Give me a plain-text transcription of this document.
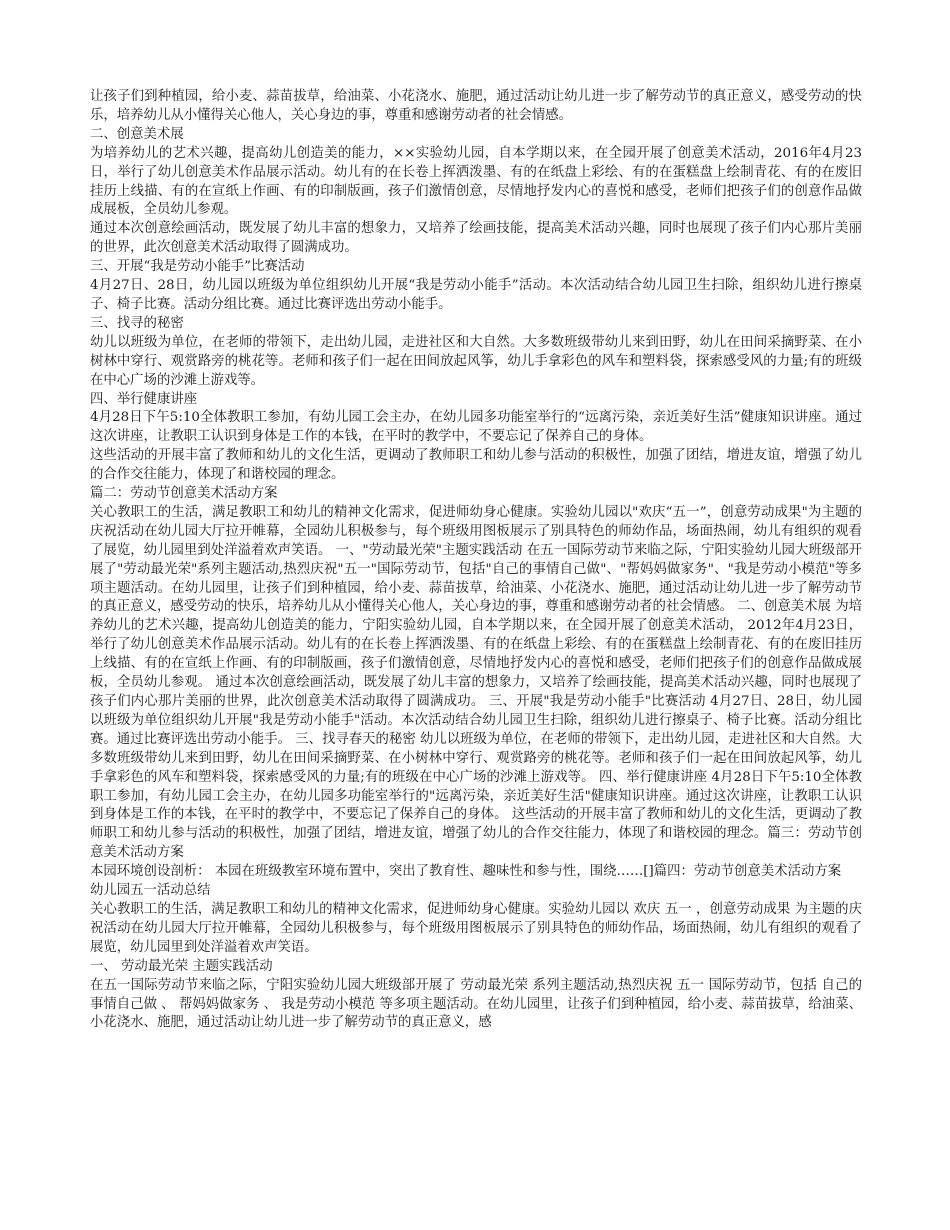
让孩子们到种植园，给小麦、蒜苗拔草，给油菜、小花浇水、施肥，通过活动让幼儿进一步了解劳动节的真正意义，感受劳动的快乐，培养幼儿从小懂得关心他人，关心身边的事，尊重和感谢劳动者的社会情感。

二、创意美术展

为培养幼儿的艺术兴趣，提高幼儿创造美的能力，××实验幼儿园，自本学期以来，在全园开展了创意美术活动，2016年4月23日，举行了幼儿创意美术作品展示活动。幼儿有的在长卷上挥洒泼墨、有的在纸盘上彩绘、有的在蛋糕盘上绘制青花、有的在废旧挂历上线描、有的在宣纸上作画、有的印制版画，孩子们激情创意，尽情地抒发内心的喜悦和感受，老师们把孩子们的创意作品做成展板，全员幼儿参观。

通过本次创意绘画活动，既发展了幼儿丰富的想象力，又培养了绘画技能，提高美术活动兴趣，同时也展现了孩子们内心那片美丽的世界，此次创意美术活动取得了圆满成功。

三、开展“我是劳动小能手”比赛活动

4月27日、28日，幼儿园以班级为单位组织幼儿开展“我是劳动小能手”活动。本次活动结合幼儿园卫生扫除，组织幼儿进行擦桌子、椅子比赛。活动分组比赛。通过比赛评选出劳动小能手。

三、找寻的秘密

幼儿以班级为单位，在老师的带领下，走出幼儿园，走进社区和大自然。大多数班级带幼儿来到田野，幼儿在田间采摘野菜、在小树林中穿行、观赏路旁的桃花等。老师和孩子们一起在田间放起风筝，幼儿手拿彩色的风车和塑料袋，探索感受风的力量;有的班级在中心广场的沙滩上游戏等。

四、举行健康讲座

4月28日下午5:10全体教职工参加，有幼儿园工会主办，在幼儿园多功能室举行的“远离污染，亲近美好生活”健康知识讲座。通过这次讲座，让教职工认识到身体是工作的本钱，在平时的教学中，不要忘记了保养自己的身体。

这些活动的开展丰富了教师和幼儿的文化生活，更调动了教师职工和幼儿参与活动的积极性，加强了团结，增进友谊，增强了幼儿的合作交往能力，体现了和谐校园的理念。

篇二：劳动节创意美术活动方案

关心教职工的生活，满足教职工和幼儿的精神文化需求，促进师幼身心健康。实验幼儿园以"欢庆“五一”，创意劳动成果"为主题的庆祝活动在幼儿园大厅拉开帷幕，全园幼儿积极参与，每个班级用图板展示了别具特色的师幼作品，场面热闹，幼儿有组织的观看了展览，幼儿园里到处洋溢着欢声笑语。 一、"劳动最光荣"主题实践活动 在五一国际劳动节来临之际，宁阳实验幼儿园大班级部开展了"劳动最光荣"系列主题活动,热烈庆祝"五一"国际劳动节，包括"自己的事情自己做"、"帮妈妈做家务"、"我是劳动小模范"等多项主题活动。在幼儿园里，让孩子们到种植园，给小麦、蒜苗拔草，给油菜、小花浇水、施肥，通过活动让幼儿进一步了解劳动节的真正意义，感受劳动的快乐，培养幼儿从小懂得关心他人，关心身边的事，尊重和感谢劳动者的社会情感。 二、创意美术展 为培养幼儿的艺术兴趣，提高幼儿创造美的能力，宁阳实验幼儿园，自本学期以来，在全园开展了创意美术活动， 2012年4月23日，举行了幼儿创意美术作品展示活动。幼儿有的在长卷上挥洒泼墨、有的在纸盘上彩绘、有的在蛋糕盘上绘制青花、有的在废旧挂历上线描、有的在宣纸上作画、有的印制版画，孩子们激情创意，尽情地抒发内心的喜悦和感受，老师们把孩子们的创意作品做成展板，全员幼儿参观。 通过本次创意绘画活动，既发展了幼儿丰富的想象力，又培养了绘画技能，提高美术活动兴趣，同时也展现了孩子们内心那片美丽的世界，此次创意美术活动取得了圆满成功。 三、开展"我是劳动小能手"比赛活动 4月27日、28日，幼儿园以班级为单位组织幼儿开展"我是劳动小能手"活动。本次活动结合幼儿园卫生扫除，组织幼儿进行擦桌子、椅子比赛。活动分组比赛。通过比赛评选出劳动小能手。 三、找寻春天的秘密 幼儿以班级为单位，在老师的带领下，走出幼儿园，走进社区和大自然。大多数班级带幼儿来到田野，幼儿在田间采摘野菜、在小树林中穿行、观赏路旁的桃花等。老师和孩子们一起在田间放起风筝，幼儿手拿彩色的风车和塑料袋，探索感受风的力量;有的班级在中心广场的沙滩上游戏等。 四、举行健康讲座 4月28日下午5:10全体教职工参加，有幼儿园工会主办，在幼儿园多功能室举行的"远离污染，亲近美好生活"健康知识讲座。通过这次讲座，让教职工认识到身体是工作的本钱，在平时的教学中，不要忘记了保养自己的身体。 这些活动的开展丰富了教师和幼儿的文化生活，更调动了教师职工和幼儿参与活动的积极性，加强了团结，增进友谊，增强了幼儿的合作交往能力，体现了和谐校园的理念。篇三：劳动节创意美术活动方案

本园环境创设剖析： 本园在班级教室环境布置中，突出了教育性、趣味性和参与性，围绕……[]篇四：劳动节创意美术活动方案

幼儿园五一活动总结

关心教职工的生活，满足教职工和幼儿的精神文化需求，促进师幼身心健康。实验幼儿园以 欢庆 五一 ，创意劳动成果 为主题的庆祝活动在幼儿园大厅拉开帷幕，全园幼儿积极参与，每个班级用图板展示了别具特色的师幼作品，场面热闹，幼儿有组织的观看了展览，幼儿园里到处洋溢着欢声笑语。

一、 劳动最光荣 主题实践活动

在五一国际劳动节来临之际，宁阳实验幼儿园大班级部开展了 劳动最光荣 系列主题活动,热烈庆祝 五一 国际劳动节，包括 自己的事情自己做 、 帮妈妈做家务 、 我是劳动小模范 等多项主题活动。在幼儿园里，让孩子们到种植园，给小麦、蒜苗拔草，给油菜、小花浇水、施肥，通过活动让幼儿进一步了解劳动节的真正意义，感
